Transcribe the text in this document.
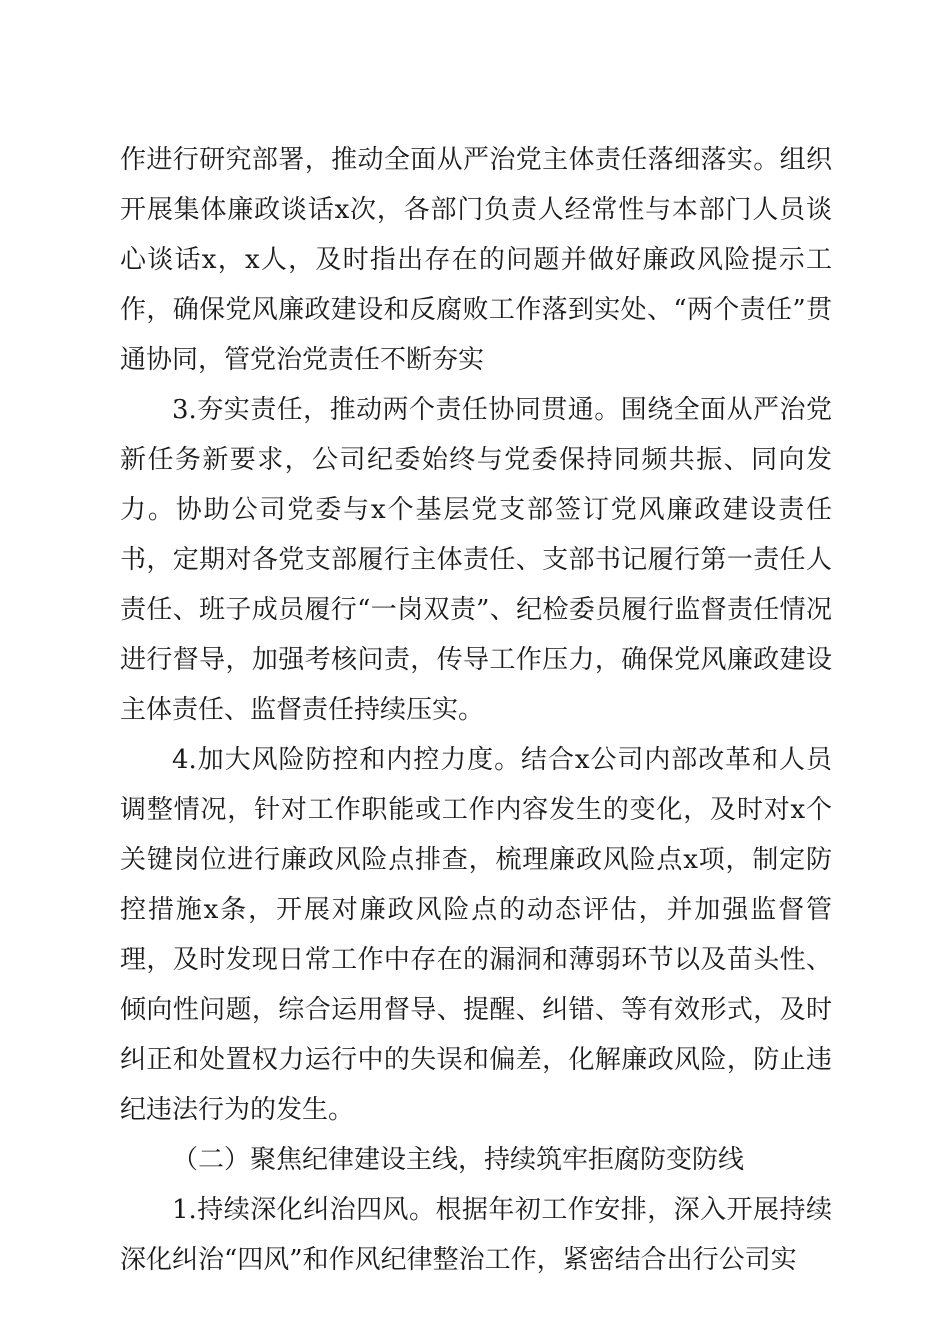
作进行研究部署，推动全面从严治党主体责任落细落实。组织开展集体廉政谈话x次，各部门负责人经常性与本部门人员谈心谈话x，x人，及时指出存在的问题并做好廉政风险提示工作，确保党风廉政建设和反腐败工作落到实处、“两个责任”贯通协同，管党治党责任不断夯实

3.夯实责任，推动两个责任协同贯通。围绕全面从严治党新任务新要求，公司纪委始终与党委保持同频共振、同向发力。协助公司党委与x个基层党支部签订党风廉政建设责任书，定期对各党支部履行主体责任、支部书记履行第一责任人责任、班子成员履行“一岗双责”、纪检委员履行监督责任情况进行督导，加强考核问责，传导工作压力，确保党风廉政建设主体责任、监督责任持续压实。

4.加大风险防控和内控力度。结合x公司内部改革和人员调整情况，针对工作职能或工作内容发生的变化，及时对x个关键岗位进行廉政风险点排查，梳理廉政风险点x项，制定防控措施x条，开展对廉政风险点的动态评估，并加强监督管理，及时发现日常工作中存在的漏洞和薄弱环节以及苗头性、倾向性问题，综合运用督导、提醒、纠错、等有效形式，及时纠正和处置权力运行中的失误和偏差，化解廉政风险，防止违纪违法行为的发生。

（二）聚焦纪律建设主线，持续筑牢拒腐防变防线

1.持续深化纠治四风。根据年初工作安排，深入开展持续深化纠治“四风”和作风纪律整治工作，紧密结合出行公司实
